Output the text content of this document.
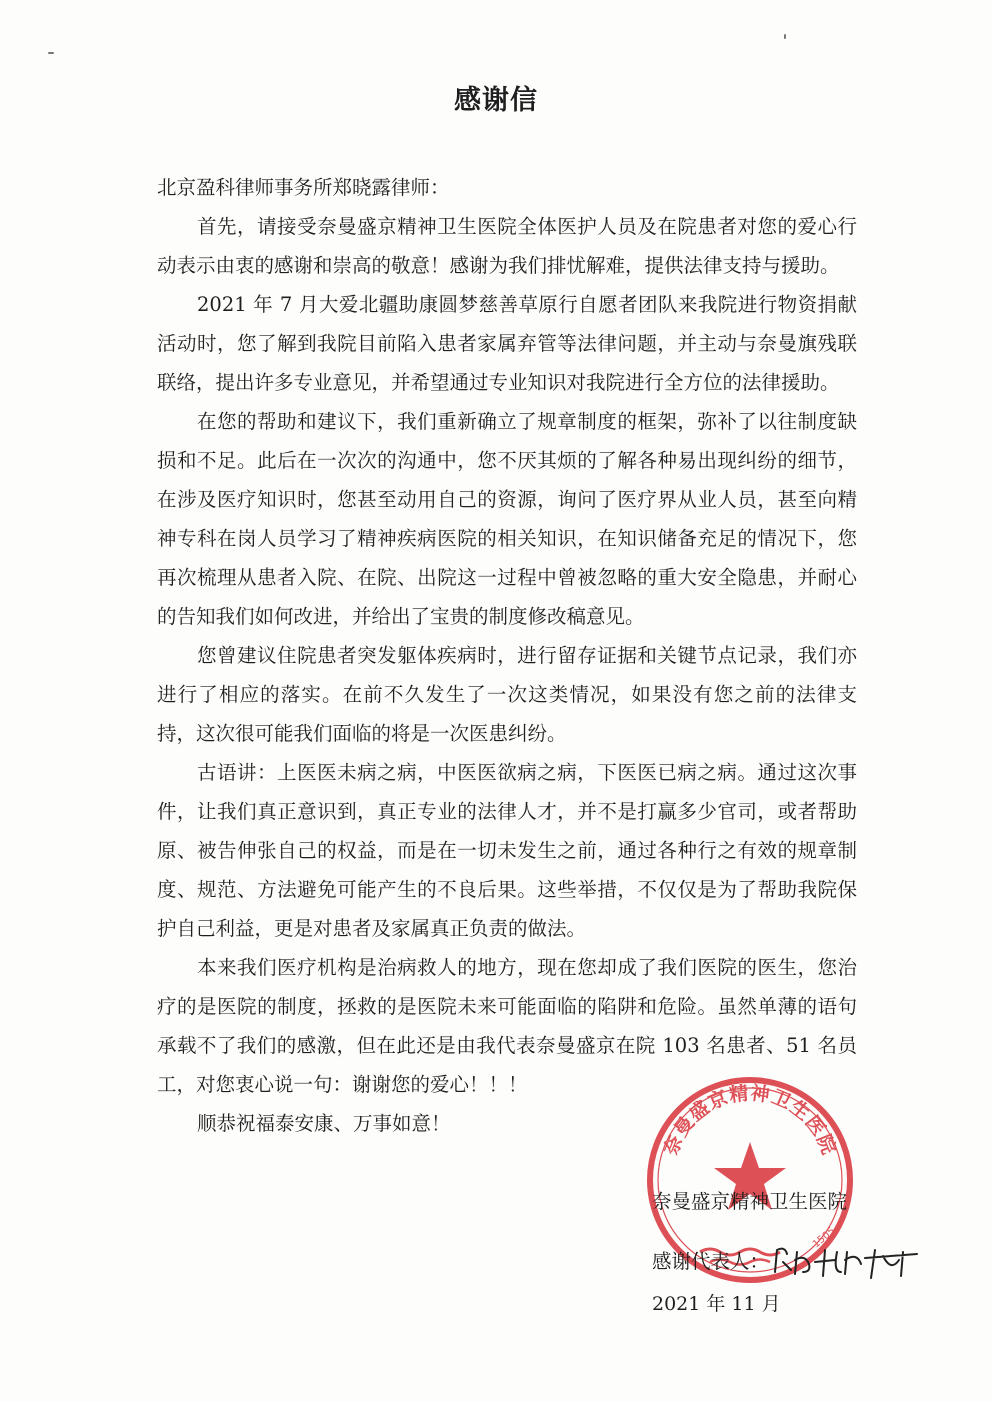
感谢信
北京盈科律师事务所郑晓露律师：

首先，请接受奈曼盛京精神卫生医院全体医护人员及在院患者对您的爱心行动表示由衷的感谢和崇高的敬意！感谢为我们排忧解难，提供法律支持与援助。

2021 年 7 月大爱北疆助康圆梦慈善草原行自愿者团队来我院进行物资捐献活动时，您了解到我院目前陷入患者家属弃管等法律问题，并主动与奈曼旗残联联络，提出许多专业意见，并希望通过专业知识对我院进行全方位的法律援助。

在您的帮助和建议下，我们重新确立了规章制度的框架，弥补了以往制度缺损和不足。此后在一次次的沟通中，您不厌其烦的了解各种易出现纠纷的细节，在涉及医疗知识时，您甚至动用自己的资源，询问了医疗界从业人员，甚至向精神专科在岗人员学习了精神疾病医院的相关知识，在知识储备充足的情况下，您再次梳理从患者入院、在院、出院这一过程中曾被忽略的重大安全隐患，并耐心的告知我们如何改进，并给出了宝贵的制度修改稿意见。

您曾建议住院患者突发躯体疾病时，进行留存证据和关键节点记录，我们亦进行了相应的落实。在前不久发生了一次这类情况，如果没有您之前的法律支持，这次很可能我们面临的将是一次医患纠纷。

古语讲：上医医未病之病，中医医欲病之病，下医医已病之病。通过这次事件，让我们真正意识到，真正专业的法律人才，并不是打赢多少官司，或者帮助原、被告伸张自己的权益，而是在一切未发生之前，通过各种行之有效的规章制度、规范、方法避免可能产生的不良后果。这些举措，不仅仅是为了帮助我院保护自己利益，更是对患者及家属真正负责的做法。

本来我们医疗机构是治病救人的地方，现在您却成了我们医院的医生，您治疗的是医院的制度，拯救的是医院未来可能面临的陷阱和危险。虽然单薄的语句承载不了我们的感激，但在此还是由我代表奈曼盛京在院 103 名患者、51 名员工，对您衷心说一句：谢谢您的爱心！！！

顺恭祝福泰安康、万事如意！
奈曼盛京精神卫生医院
1505
奈曼盛京精神卫生医院
感谢代表人：
2021 年 11 月
